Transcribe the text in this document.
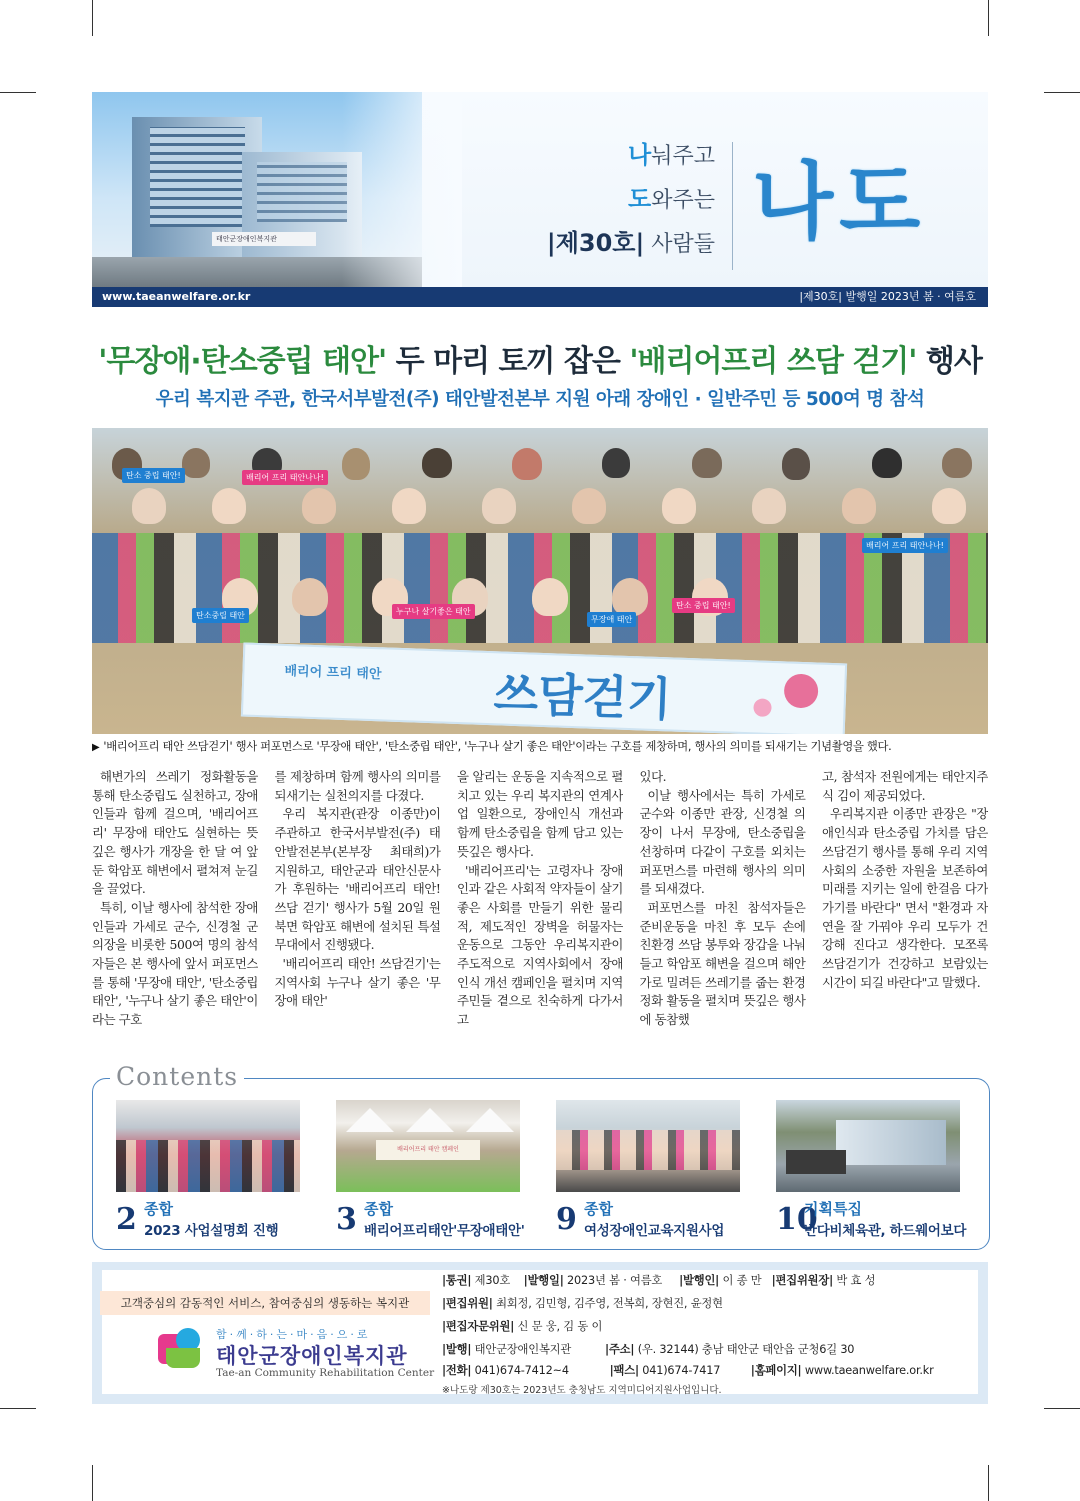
태안군장애인복지관
나눠주고
도와주는
|제30호| 사람들 나도
www.taeanwelfare.or.kr	|제30호| 발행일 2023년 봄 · 여름호
'무장애·탄소중립 태안' 두 마리 토끼 잡은 '배리어프리 쓰담 걷기' 행사
우리 복지관 주관, 한국서부발전(주) 태안발전본부 지원 아래 장애인 · 일반주민 등 500여 명 참석
탄소 중립 태안!	배리어 프리 태안나나!
탄소중립 태안	누구나 살기좋은 태안
무장애 태안
탄소 중립 태안!
배리어 프리 태안나나!
배리어 프리 태안 쓰담걷기
▶ '배리어프리 태안 쓰담걷기' 행사 퍼포먼스로 '무장애 태안', '탄소중립 태안', '누구나 살기 좋은 태안'이라는 구호를 제창하며, 행사의 의미를 되새기는 기념촬영을 했다.

해변가의 쓰레기 정화활동을 통해 탄소중립도 실천하고, 장애인들과 함께 걸으며, '배리어프리' 무장애 태안도 실현하는 뜻깊은 행사가 개장을 한 달 여 앞둔 학암포 해변에서 펼쳐져 눈길을 끌었다.

특히, 이날 행사에 참석한 장애인들과 가세로 군수, 신경철 군의장을 비롯한 500여 명의 참석자들은 본 행사에 앞서 퍼포먼스를 통해 '무장애 태안', '탄소중립 태안', '누구나 살기 좋은 태안'이라는 구호

를 제창하며 함께 행사의 의미를 되새기는 실천의지를 다졌다.

우리 복지관(관장 이종만)이 주관하고 한국서부발전(주) 태안발전본부(본부장 최태희)가 지원하고, 태안군과 태안신문사가 후원하는 '배리어프리 태안! 쓰담 걷기' 행사가 5월 20일 원북면 학암포 해변에 설치된 특설무대에서 진행됐다.

'배리어프리 태안! 쓰담걷기'는 지역사회 누구나 살기 좋은 '무장애 태안'

을 알리는 운동을 지속적으로 펼치고 있는 우리 복지관의 연계사업 일환으로, 장애인식 개선과 함께 탄소중립을 함께 담고 있는 뜻깊은 행사다.

'배리어프리'는 고령자나 장애인과 같은 사회적 약자들이 살기 좋은 사회를 만들기 위한 물리적, 제도적인 장벽을 허물자는 운동으로 그동안 우리복지관이 주도적으로 지역사회에서 장애인식 개선 캠페인을 펼치며 지역주민들 곁으로 친숙하게 다가서고

있다.

이날 행사에서는 특히 가세로 군수와 이종만 관장, 신경철 의장이 나서 무장애, 탄소중립을 선창하며 다같이 구호를 외치는 퍼포먼스를 마련해 행사의 의미를 되새겼다.

퍼포먼스를 마친 참석자들은 준비운동을 마친 후 모두 손에 친환경 쓰담 봉투와 장갑을 나눠 들고 학암포 해변을 걸으며 해안가로 밀려든 쓰레기를 줍는 환경정화 활동을 펼치며 뜻깊은 행사에 동참했

고, 참석자 전원에게는 태안지주식 김이 제공되었다.

우리복지관 이종만 관장은 "장애인식과 탄소중립 가치를 담은 쓰담걷기 행사를 통해 우리 지역사회의 소중한 자원을 보존하여 미래를 지키는 일에 한걸음 다가가기를 바란다" 면서 "환경과 자연을 잘 가꿔야 우리 모두가 건강해 진다고 생각한다. 모쪼록 쓰담걷기가 건강하고 보람있는 시간이 되길 바란다"고 말했다.

Contents
2 종합
2023 사업설명회 진행
배리어프리 태안 캠페인
3 종합
배리어프리태안'무장애태안' 9 종합
여성장애인교육지원사업 10
기획특집
반다비체육관, 하드웨어보다
고객중심의 감동적인 서비스, 참여중심의 생동하는 복지관
함·께·하·는·마·음·으·로
태안군장애인복지관
Tae-an Community Rehabilitation Center
|통권| 제30호 |발행일| 2023년 봄 · 여름호 |발행인| 이 종 만 |편집위원장| 박 효 성
|편집위원| 최회정, 김민형, 김주영, 전복희, 장현진, 윤정현
|편집자문위원| 신 문 웅, 김 동 이
|발행| 태안군장애인복지관	|주소| (우. 32144) 충남 태안군 태안읍 군청6길 30
|전화| 041)674-7412~4	|팩스| 041)674-7417	|홈페이지| www.taeanwelfare.or.kr
※나도랑 제30호는 2023년도 충청남도 지역미디어지원사업입니다.
